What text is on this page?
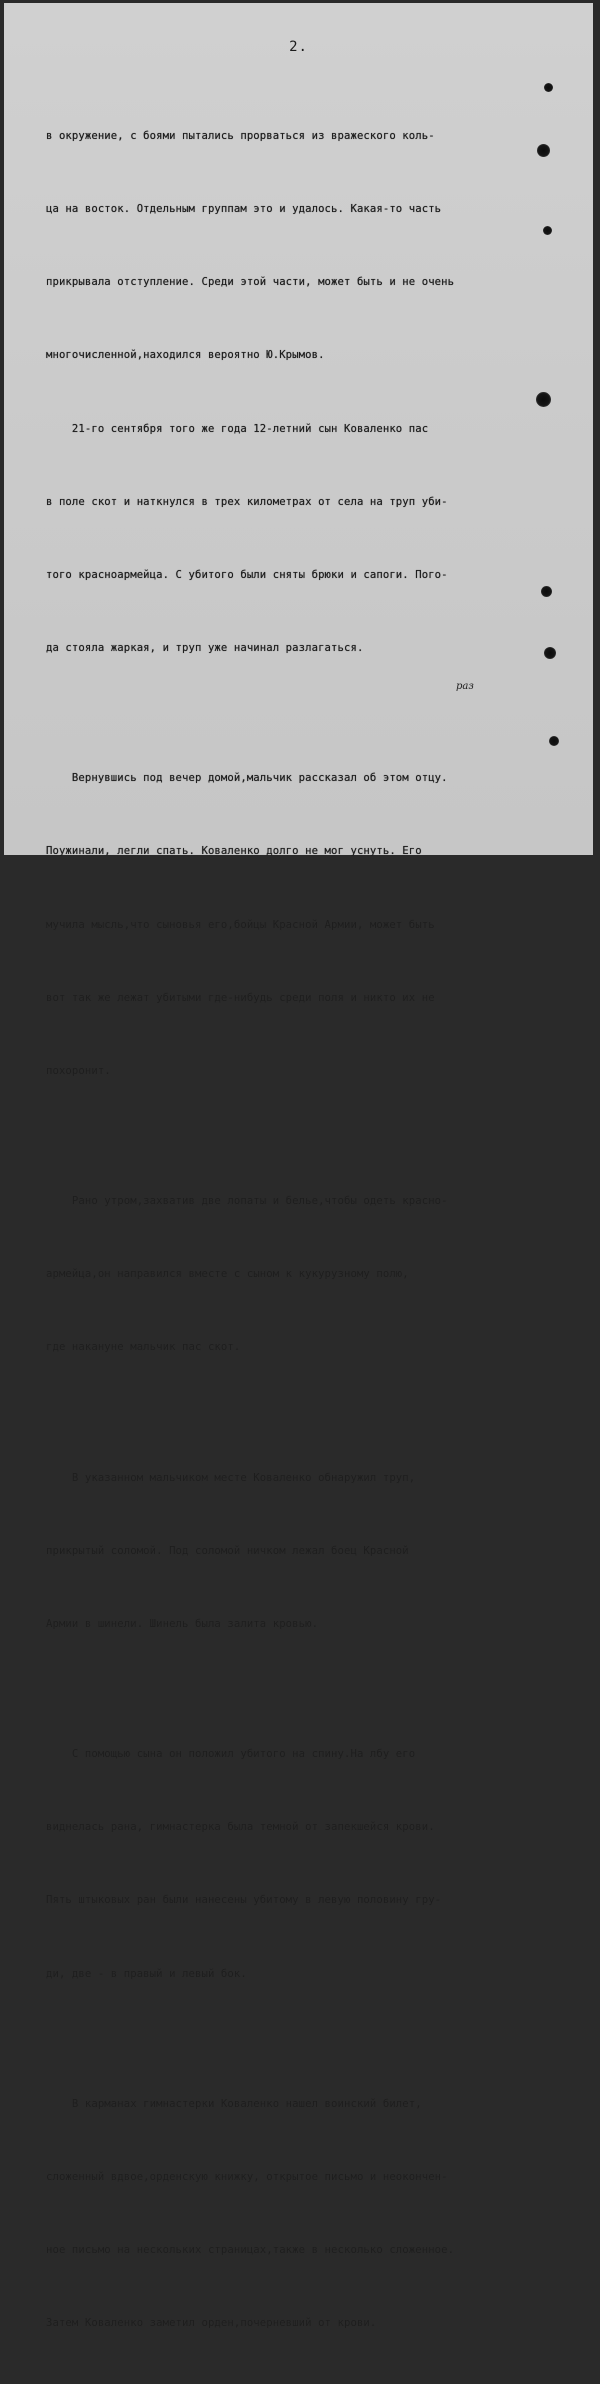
2.

в окружение, с боями пытались прорваться из вражеского коль-

ца на восток. Отдельным группам это и удалось. Какая-то часть

прикрывала отступление. Среди этой части, может быть и не очень

многочисленной,находился вероятно Ю.Крымов.

21-го сентября того же года 12-летний сын Коваленко пас

в поле скот и наткнулся в трех километрах от села на труп уби-

того красноармейца. С убитого были сняты брюки и сапоги. Пого-

да стояла жаркая, и труп уже начинал разлагаться.

Вернувшись под вечер домой,мальчик рассказал об этом отцу.

Поужинали, легли спать. Коваленко долго не мог уснуть. Его

мучила мысль,что сыновья его,бойцы Красной Армии, может быть

вот так же лежат убитыми где-нибудь среди поля и никто их не

похоронит.

Рано утром,захватив две лопаты и белье,чтобы одеть красно-

армейца,он направился вместе с сыном к кукурузному полю,

где накануне мальчик пас скот.

В указанном мальчиком месте Коваленко обнаружил труп,

прикрытый соломой. Под соломой ничком лежал боец Красной

Армии в шинели. Шинель была залита кровью.

С помощью сына он положил убитого на спину.На лбу его

виднелась рана, гимнастерка была темной от запекшейся крови.

Пять штыковых ран были нанесены убитому в левую половину гру-

ди, две - в правый и левый бок.

В карманах гимнастерки Коваленко нашел воинский билет,

сложенный вдвое,орденскую книжку, открытое письмо и неокончен-

ное письмо на нескольких страницах,также в несколько сложенное.

Затем Коваленко заметил орден,почерневший от крови.

раз
